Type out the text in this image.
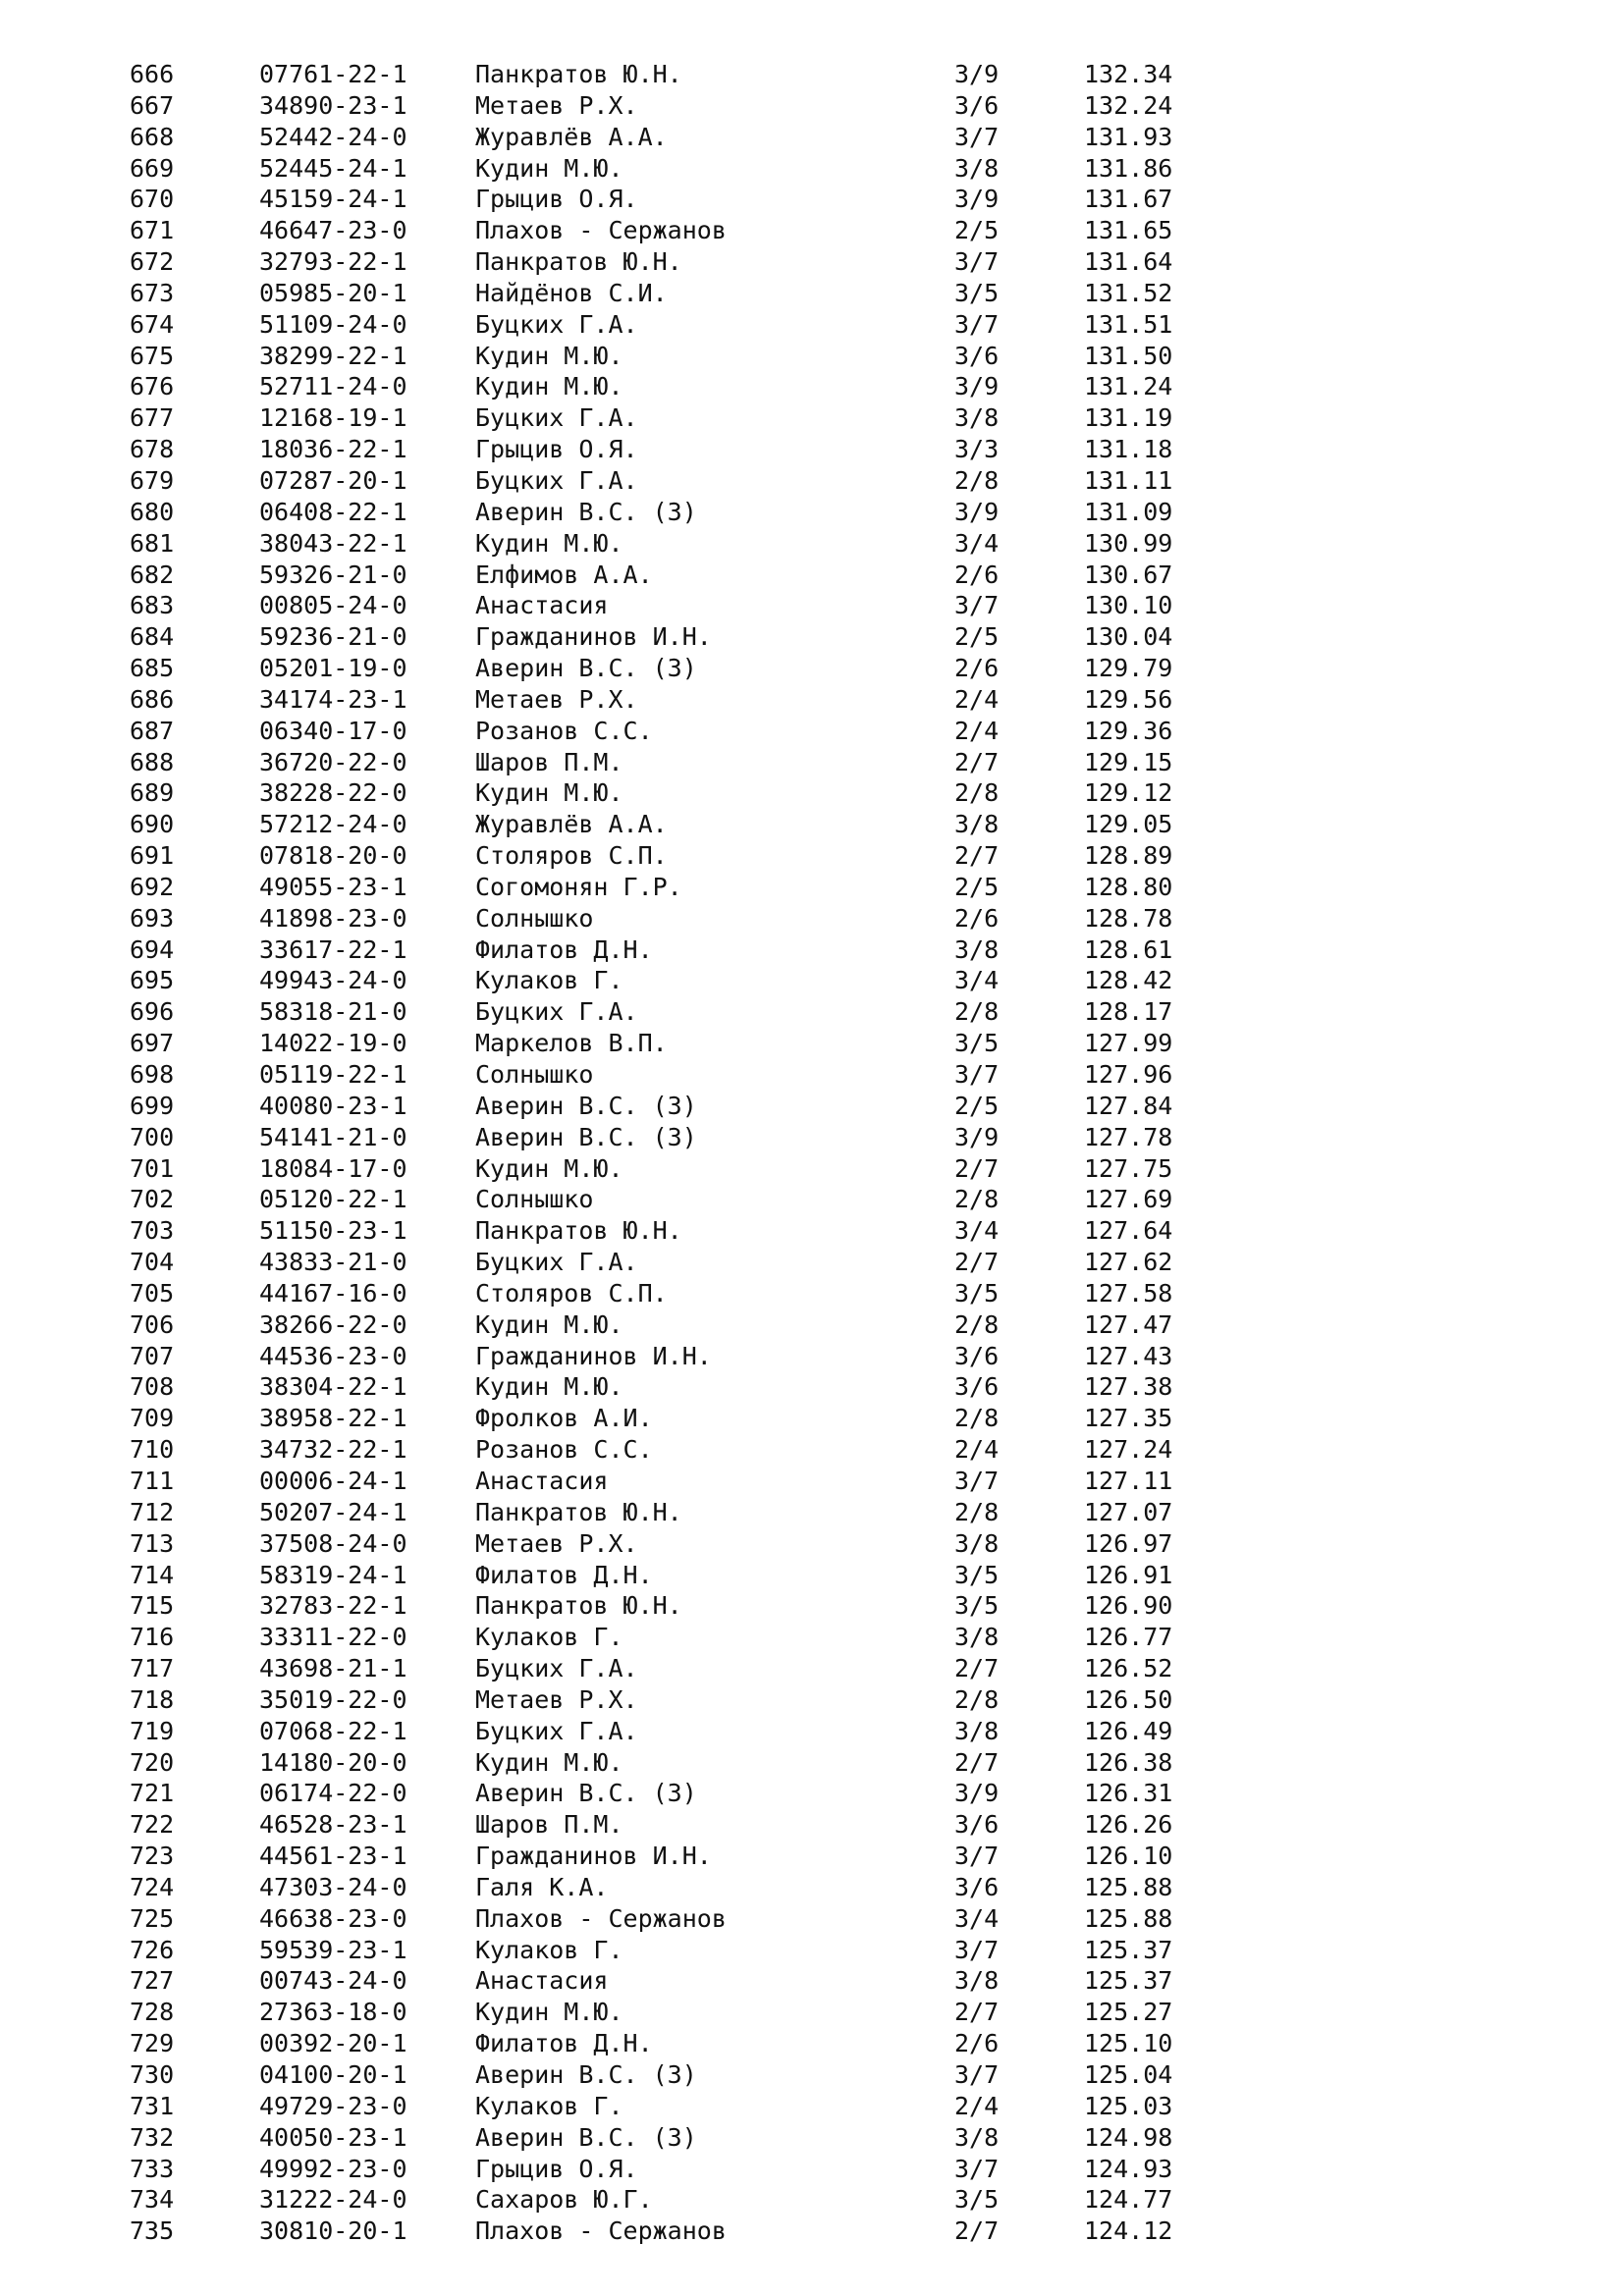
666	07761-22-1	Панкратов Ю.Н.	3/9	132.34
667	34890-23-1	Метаев Р.Х.	3/6	132.24
668	52442-24-0	Журавлёв А.А.	3/7	131.93
669	52445-24-1	Кудин М.Ю.	3/8	131.86
670	45159-24-1	Грыцив О.Я.	3/9	131.67
671	46647-23-0	Плахов - Сержанов	2/5	131.65
672	32793-22-1	Панкратов Ю.Н.	3/7	131.64
673	05985-20-1	Найдёнов С.И.	3/5	131.52
674	51109-24-0	Буцких Г.А.	3/7	131.51
675	38299-22-1	Кудин М.Ю.	3/6	131.50
676	52711-24-0	Кудин М.Ю.	3/9	131.24
677	12168-19-1	Буцких Г.А.	3/8	131.19
678	18036-22-1	Грыцив О.Я.	3/3	131.18
679	07287-20-1	Буцких Г.А.	2/8	131.11
680	06408-22-1	Аверин В.С. (З)	3/9	131.09
681	38043-22-1	Кудин М.Ю.	3/4	130.99
682	59326-21-0	Елфимов А.А.	2/6	130.67
683	00805-24-0	Анастасия	3/7	130.10
684	59236-21-0	Гражданинов И.Н.	2/5	130.04
685	05201-19-0	Аверин В.С. (З)	2/6	129.79
686	34174-23-1	Метаев Р.Х.	2/4	129.56
687	06340-17-0	Розанов С.С.	2/4	129.36
688	36720-22-0	Шаров П.М.	2/7	129.15
689	38228-22-0	Кудин М.Ю.	2/8	129.12
690	57212-24-0	Журавлёв А.А.	3/8	129.05
691	07818-20-0	Столяров С.П.	2/7	128.89
692	49055-23-1	Согомонян Г.Р.	2/5	128.80
693	41898-23-0	Солнышко	2/6	128.78
694	33617-22-1	Филатов Д.Н.	3/8	128.61
695	49943-24-0	Кулаков Г.	3/4	128.42
696	58318-21-0	Буцких Г.А.	2/8	128.17
697	14022-19-0	Маркелов В.П.	3/5	127.99
698	05119-22-1	Солнышко	3/7	127.96
699	40080-23-1	Аверин В.С. (З)	2/5	127.84
700	54141-21-0	Аверин В.С. (З)	3/9	127.78
701	18084-17-0	Кудин М.Ю.	2/7	127.75
702	05120-22-1	Солнышко	2/8	127.69
703	51150-23-1	Панкратов Ю.Н.	3/4	127.64
704	43833-21-0	Буцких Г.А.	2/7	127.62
705	44167-16-0	Столяров С.П.	3/5	127.58
706	38266-22-0	Кудин М.Ю.	2/8	127.47
707	44536-23-0	Гражданинов И.Н.	3/6	127.43
708	38304-22-1	Кудин М.Ю.	3/6	127.38
709	38958-22-1	Фролков А.И.	2/8	127.35
710	34732-22-1	Розанов С.С.	2/4	127.24
711	00006-24-1	Анастасия	3/7	127.11
712	50207-24-1	Панкратов Ю.Н.	2/8	127.07
713	37508-24-0	Метаев Р.Х.	3/8	126.97
714	58319-24-1	Филатов Д.Н.	3/5	126.91
715	32783-22-1	Панкратов Ю.Н.	3/5	126.90
716	33311-22-0	Кулаков Г.	3/8	126.77
717	43698-21-1	Буцких Г.А.	2/7	126.52
718	35019-22-0	Метаев Р.Х.	2/8	126.50
719	07068-22-1	Буцких Г.А.	3/8	126.49
720	14180-20-0	Кудин М.Ю.	2/7	126.38
721	06174-22-0	Аверин В.С. (З)	3/9	126.31
722	46528-23-1	Шаров П.М.	3/6	126.26
723	44561-23-1	Гражданинов И.Н.	3/7	126.10
724	47303-24-0	Галя К.А.	3/6	125.88
725	46638-23-0	Плахов - Сержанов	3/4	125.88
726	59539-23-1	Кулаков Г.	3/7	125.37
727	00743-24-0	Анастасия	3/8	125.37
728	27363-18-0	Кудин М.Ю.	2/7	125.27
729	00392-20-1	Филатов Д.Н.	2/6	125.10
730	04100-20-1	Аверин В.С. (З)	3/7	125.04
731	49729-23-0	Кулаков Г.	2/4	125.03
732	40050-23-1	Аверин В.С. (З)	3/8	124.98
733	49992-23-0	Грыцив О.Я.	3/7	124.93
734	31222-24-0	Сахаров Ю.Г.	3/5	124.77
735	30810-20-1	Плахов - Сержанов	2/7	124.12
